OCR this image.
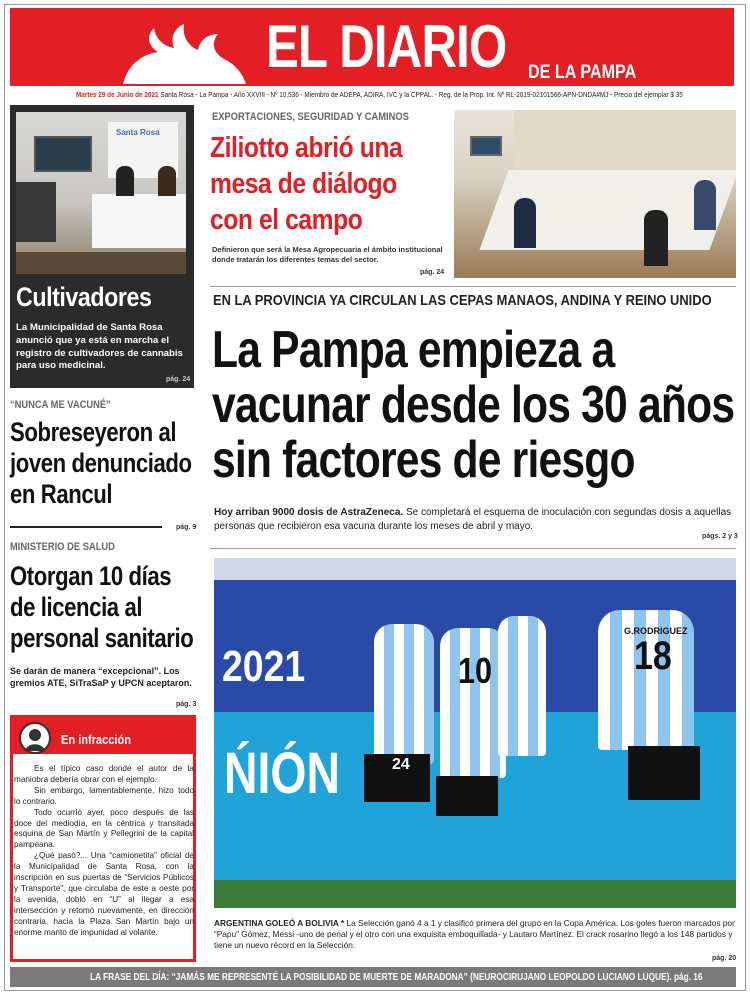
EL DIARIO DE LA PAMPA
Martes 29 de Junio de 2021 Santa Rosa - La Pampa - Año XXVIII - Nº 10.536 - Miembro de ADEPA, ADIRA, IVC y la CPPAL. - Reg. de la Prop. Int. Nº RL-2019-02101566-APN-DNDA#MJ - Precio del ejemplar $ 35
Santa Rosa
Cultivadores
La Municipalidad de Santa Rosa anunció que ya está en marcha el registro de cultivadores de cannabis para uso medicinal.
pág. 24
“NUNCA ME VACUNÉ”
Sobreseyeron al
joven denunciado
en Rancul
pág. 9
MINISTERIO DE SALUD
Otorgan 10 días
de licencia al
personal sanitario
Se darán de manera “excepcional”. Los gremios ATE, SiTraSaP y UPCN aceptaron.
pág. 3
En infracción

Es el típico caso donde el autor de la maniobra debería obrar con el ejemplo.

Sin embargo, lamentablemente, hizo todo lo contrario.

Todo ocurrió ayer, poco después de las doce del mediodía, en la céntrica y transitada esquina de San Martín y Pellegrini de la capital pampeana.

¿Qué pasó?... Una “camionetita” oficial de la Municipalidad de Santa Rosa, con la inscripción en sus puertas de “Servicios Públicos y Transporte”, que circulaba de este a oeste por la avenida, dobló en “U” al llegar a esa intersección y retomó nuevamente, en dirección contraria, hacia la Plaza San Martín bajo un enorme manto de impunidad al volante.

EXPORTACIONES, SEGURIDAD Y CAMINOS
Ziliotto abrió una
mesa de diálogo
con el campo
Definieron que será la Mesa Agropecuaria el ámbito institucional donde tratarán los diferentes temas del sector.
pág. 24
EN LA PROVINCIA YA CIRCULAN LAS CEPAS MANAOS, ANDINA Y REINO UNIDO
La Pampa empieza a
vacunar desde los 30 años
sin factores de riesgo
Hoy arriban 9000 dosis de AstraZeneca. Se completará el esquema de inoculación con segundas dosis a aquellas personas que recibieron esa vacuna durante los meses de abril y mayo.
págs. 2 y 3
2021
ŃIÓN	24
10
G.RODRIGUEZ
18
ARGENTINA GOLEÓ A BOLIVIA * La Selección ganó 4 a 1 y clasificó primera del grupo en la Copa América. Los goles fueron marcados por “Papu” Gómez, Messi -uno de penal y el otro con una exquisita emboquillada- y Lautaro Martínez. El crack rosarino llegó a los 148 partidos y tiene un nuevo récord en la Selección.
pág. 20
LA FRASE DEL DÍA: “JAMÁS ME REPRESENTÉ LA POSIBILIDAD DE MUERTE DE MARADONA” (NEUROCIRUJANO LEOPOLDO LUCIANO LUQUE). pág. 16
